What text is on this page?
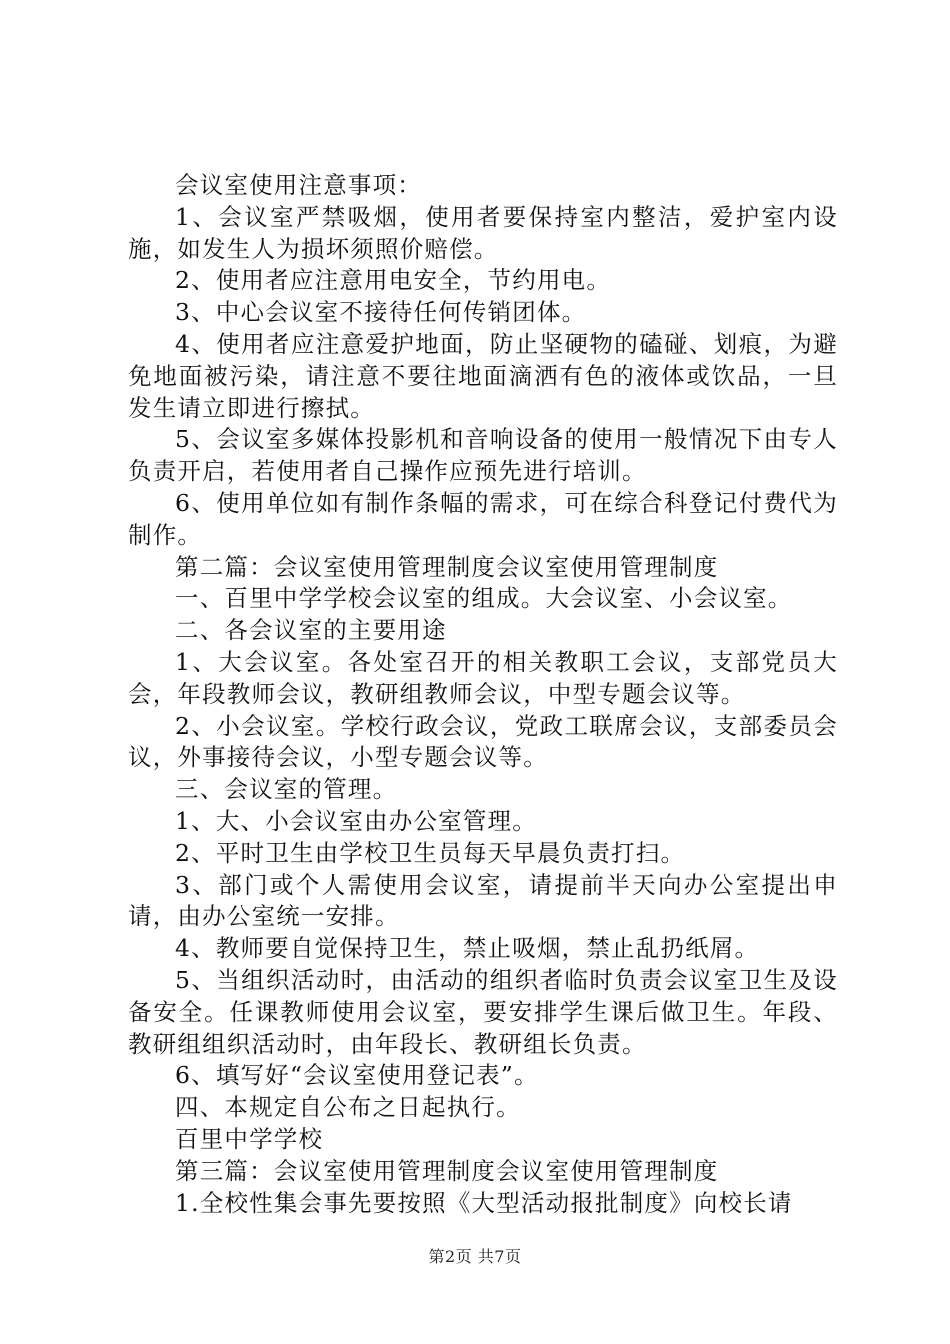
会议室使用注意事项：

1、会议室严禁吸烟，使用者要保持室内整洁，爱护室内设施，如发生人为损坏须照价赔偿。

2、使用者应注意用电安全，节约用电。

3、中心会议室不接待任何传销团体。

4、使用者应注意爱护地面，防止坚硬物的磕碰、划痕，为避免地面被污染，请注意不要往地面滴洒有色的液体或饮品，一旦发生请立即进行擦拭。

5、会议室多媒体投影机和音响设备的使用一般情况下由专人负责开启，若使用者自己操作应预先进行培训。

6、使用单位如有制作条幅的需求，可在综合科登记付费代为制作。

第二篇：会议室使用管理制度会议室使用管理制度

一、百里中学学校会议室的组成。大会议室、小会议室。

二、各会议室的主要用途

1、大会议室。各处室召开的相关教职工会议，支部党员大会，年段教师会议，教研组教师会议，中型专题会议等。

2、小会议室。学校行政会议，党政工联席会议，支部委员会议，外事接待会议，小型专题会议等。

三、会议室的管理。

1、大、小会议室由办公室管理。

2、平时卫生由学校卫生员每天早晨负责打扫。

3、部门或个人需使用会议室，请提前半天向办公室提出申请，由办公室统一安排。

4、教师要自觉保持卫生，禁止吸烟，禁止乱扔纸屑。

5、当组织活动时，由活动的组织者临时负责会议室卫生及设备安全。任课教师使用会议室，要安排学生课后做卫生。年段、教研组组织活动时，由年段长、教研组长负责。

6、填写好“会议室使用登记表”。

四、本规定自公布之日起执行。

百里中学学校

第三篇：会议室使用管理制度会议室使用管理制度

1.全校性集会事先要按照《大型活动报批制度》向校长请

第2页 共7页
